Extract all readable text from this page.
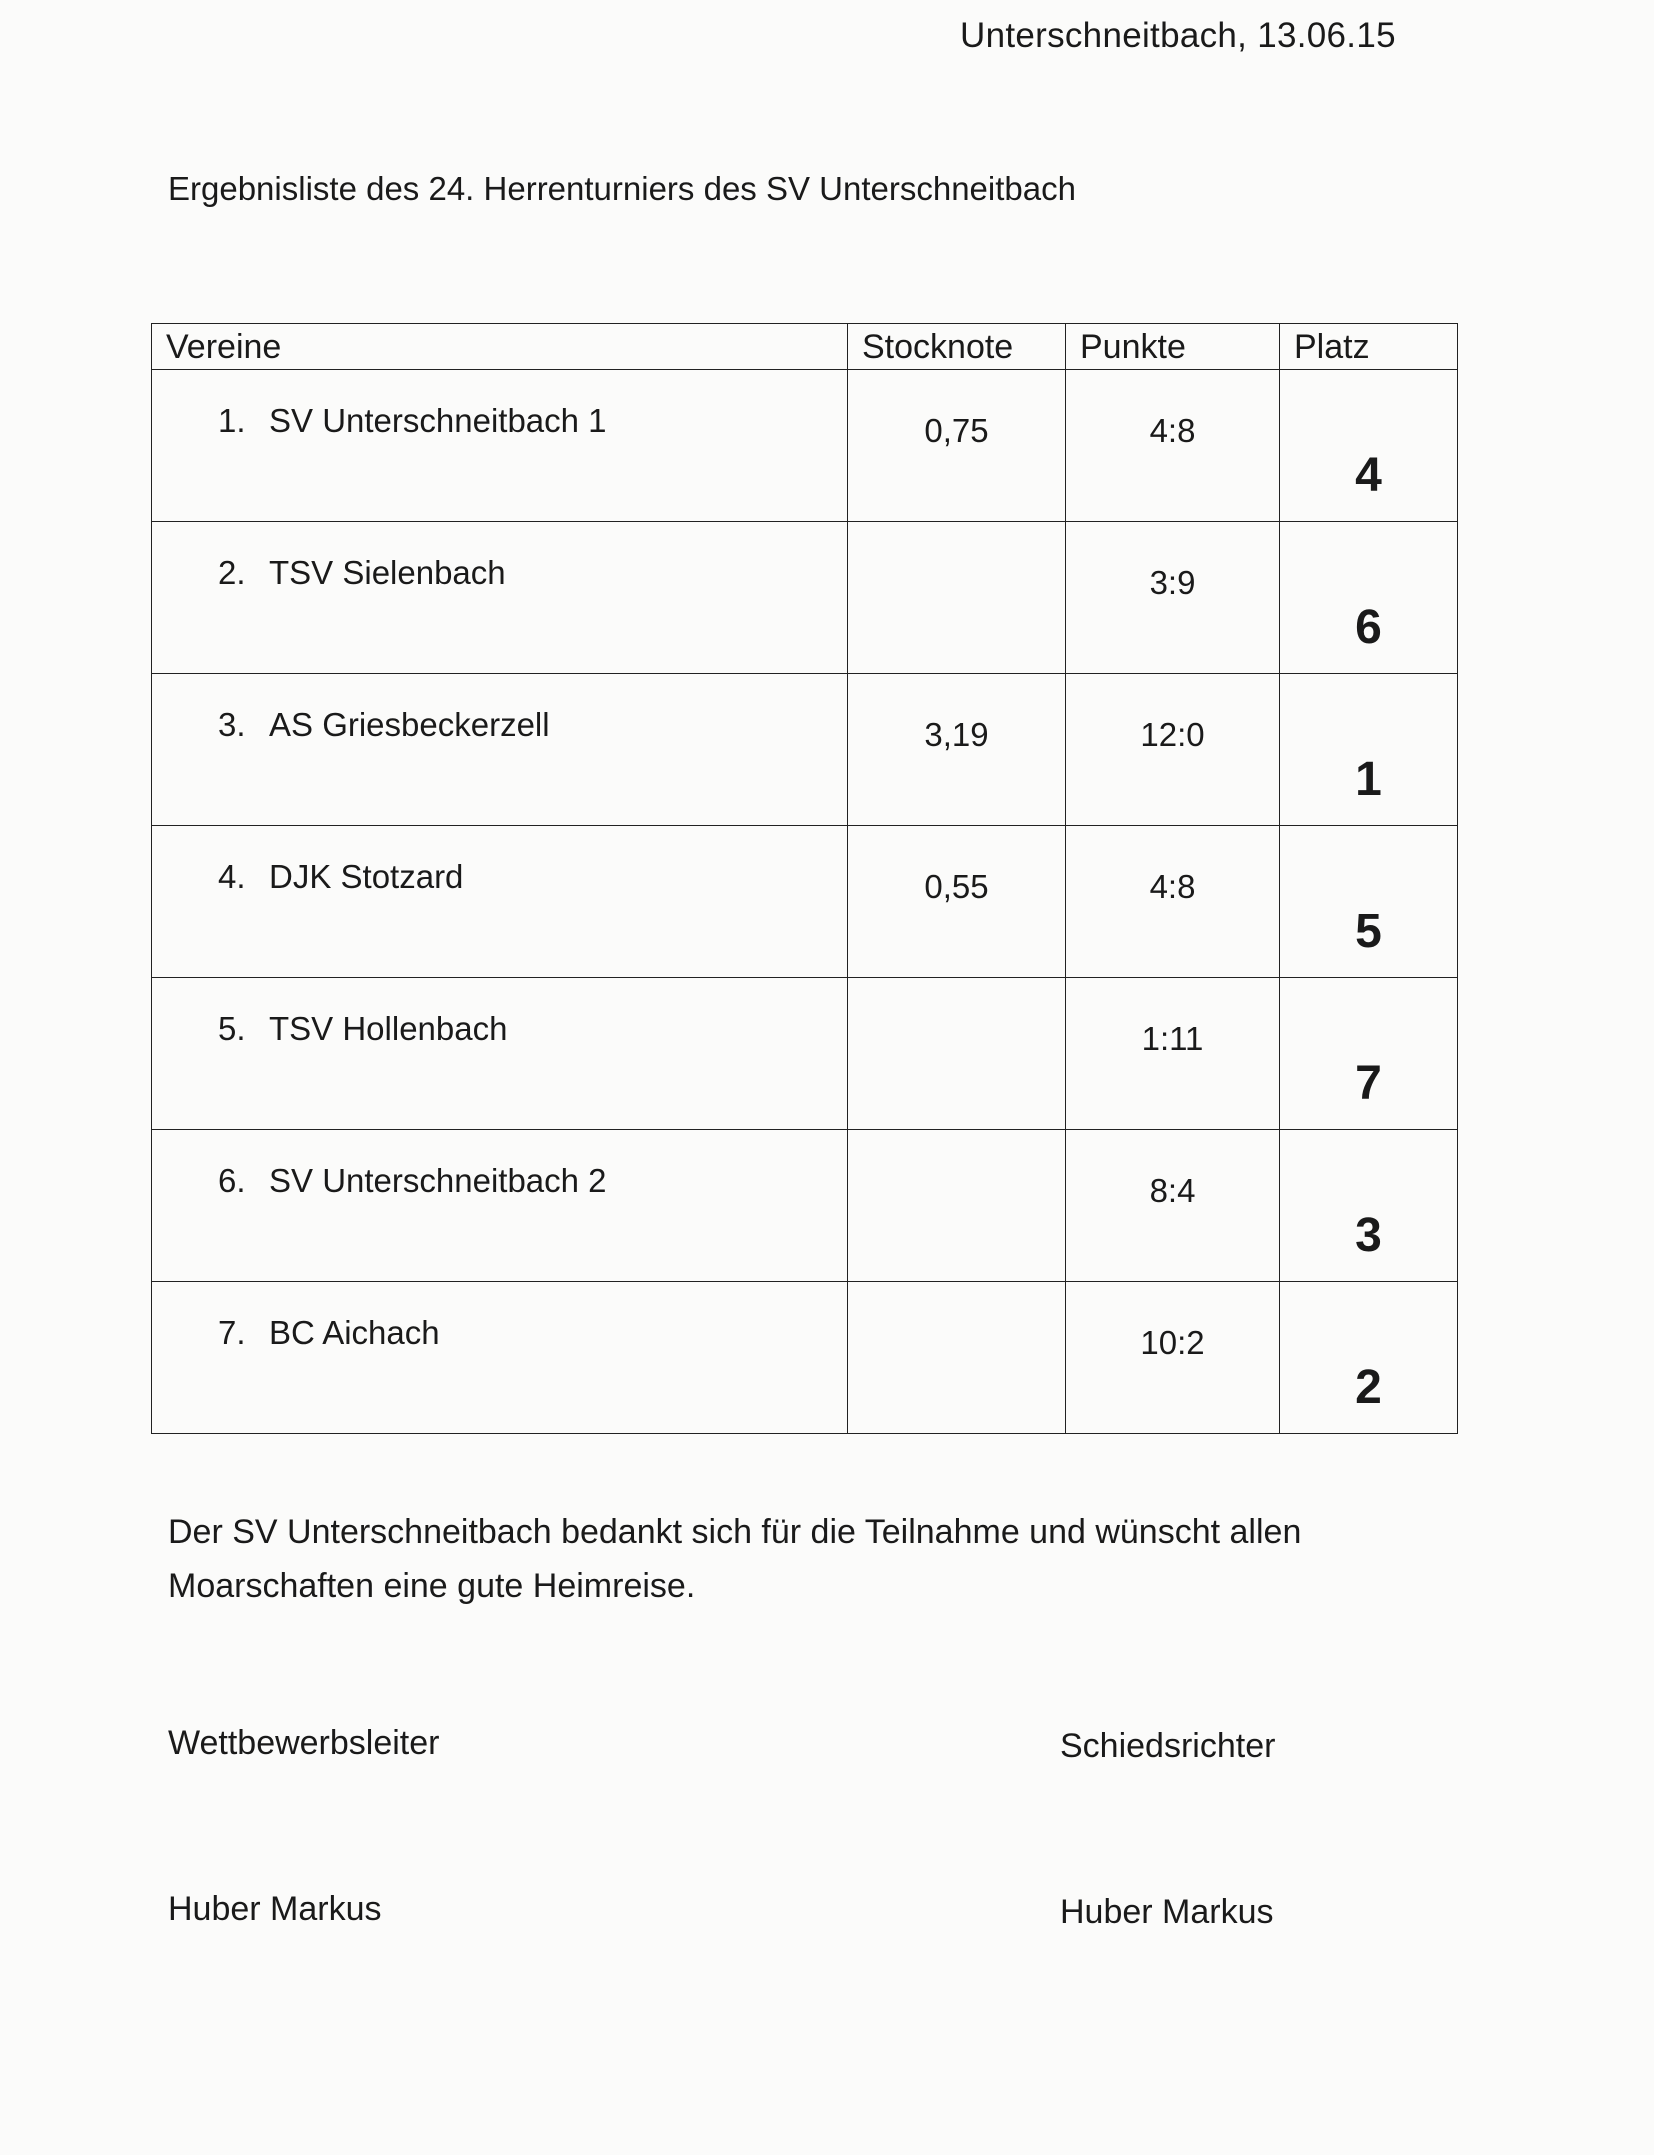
Unterschneitbach, 13.06.15
Ergebnisliste des 24. Herrenturniers des SV Unterschneitbach
Vereine	Stocknote	Punkte	Platz

1. SV Unterschneitbach 1	0,75	4:8	4

2. TSV Sielenbach		3:9	6

3. AS Griesbeckerzell	3,19	12:0	1

4. DJK Stotzard	0,55	4:8	5

5. TSV Hollenbach		1:11	7

6. SV Unterschneitbach 2		8:4	3

7. BC Aichach		10:2	2
Der SV Unterschneitbach bedankt sich für die Teilnahme und wünscht allen Moarschaften eine gute Heimreise.
Wettbewerbsleiter	Schiedsrichter
Huber Markus	Huber Markus
